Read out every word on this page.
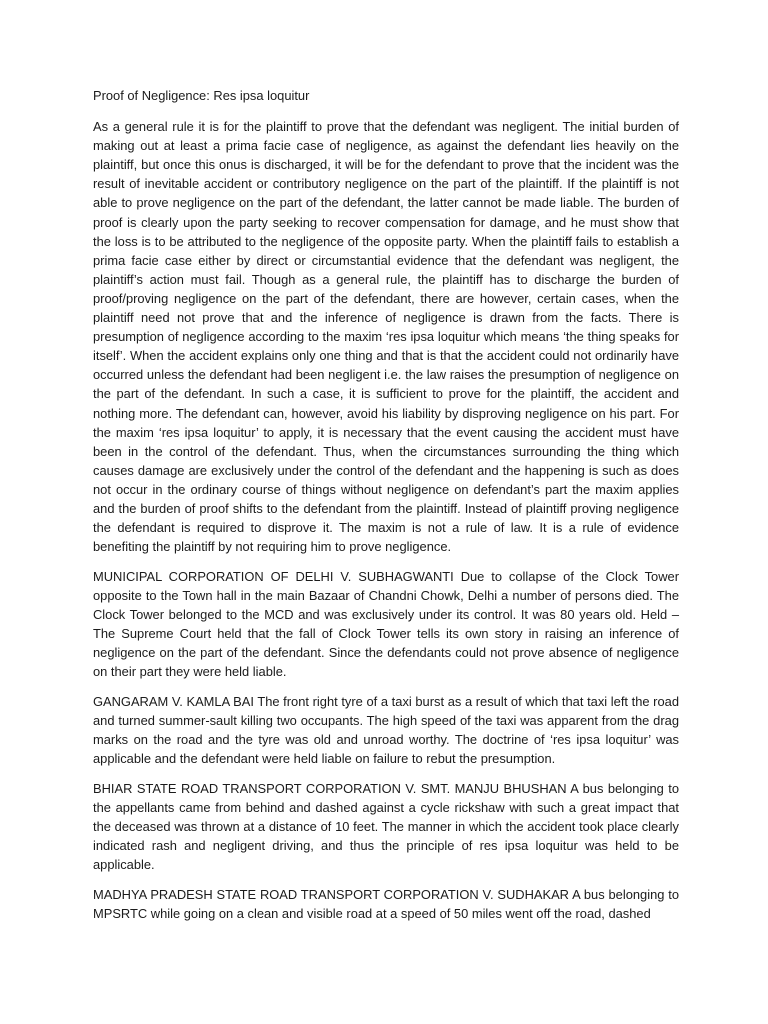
Proof of Negligence: Res ipsa loquitur

As a general rule it is for the plaintiff to prove that the defendant was negligent. The initial burden of making out at least a prima facie case of negligence, as against the defendant lies heavily on the plaintiff, but once this onus is discharged, it will be for the defendant to prove that the incident was the result of inevitable accident or contributory negligence on the part of the plaintiff. If the plaintiff is not able to prove negligence on the part of the defendant, the latter cannot be made liable. The burden of proof is clearly upon the party seeking to recover compensation for damage, and he must show that the loss is to be attributed to the negligence of the opposite party. When the plaintiff fails to establish a prima facie case either by direct or circumstantial evidence that the defendant was negligent, the plaintiff’s action must fail. Though as a general rule, the plaintiff has to discharge the burden of proof/proving negligence on the part of the defendant, there are however, certain cases, when the plaintiff need not prove that and the inference of negligence is drawn from the facts. There is presumption of negligence according to the maxim ‘res ipsa loquitur which means ‘the thing speaks for itself’. When the accident explains only one thing and that is that the accident could not ordinarily have occurred unless the defendant had been negligent i.e. the law raises the presumption of negligence on the part of the defendant. In such a case, it is sufficient to prove for the plaintiff, the accident and nothing more. The defendant can, however, avoid his liability by disproving negligence on his part. For the maxim ‘res ipsa loquitur’ to apply, it is necessary that the event causing the accident must have been in the control of the defendant. Thus, when the circumstances surrounding the thing which causes damage are exclusively under the control of the defendant and the happening is such as does not occur in the ordinary course of things without negligence on defendant’s part the maxim applies and the burden of proof shifts to the defendant from the plaintiff. Instead of plaintiff proving negligence the defendant is required to disprove it. The maxim is not a rule of law. It is a rule of evidence benefiting the plaintiff by not requiring him to prove negligence.

MUNICIPAL CORPORATION OF DELHI V. SUBHAGWANTI Due to collapse of the Clock Tower opposite to the Town hall in the main Bazaar of Chandni Chowk, Delhi a number of persons died. The Clock Tower belonged to the MCD and was exclusively under its control. It was 80 years old. Held – The Supreme Court held that the fall of Clock Tower tells its own story in raising an inference of negligence on the part of the defendant. Since the defendants could not prove absence of negligence on their part they were held liable.

GANGARAM V. KAMLA BAI The front right tyre of a taxi burst as a result of which that taxi left the road and turned summer-sault killing two occupants. The high speed of the taxi was apparent from the drag marks on the road and the tyre was old and unroad worthy. The doctrine of ‘res ipsa loquitur’ was applicable and the defendant were held liable on failure to rebut the presumption.

BHIAR STATE ROAD TRANSPORT CORPORATION V. SMT. MANJU BHUSHAN A bus belonging to the appellants came from behind and dashed against a cycle rickshaw with such a great impact that the deceased was thrown at a distance of 10 feet. The manner in which the accident took place clearly indicated rash and negligent driving, and thus the principle of res ipsa loquitur was held to be applicable.

MADHYA PRADESH STATE ROAD TRANSPORT CORPORATION V. SUDHAKAR A bus belonging to MPSRTC while going on a clean and visible road at a speed of 50 miles went off the road, dashed
